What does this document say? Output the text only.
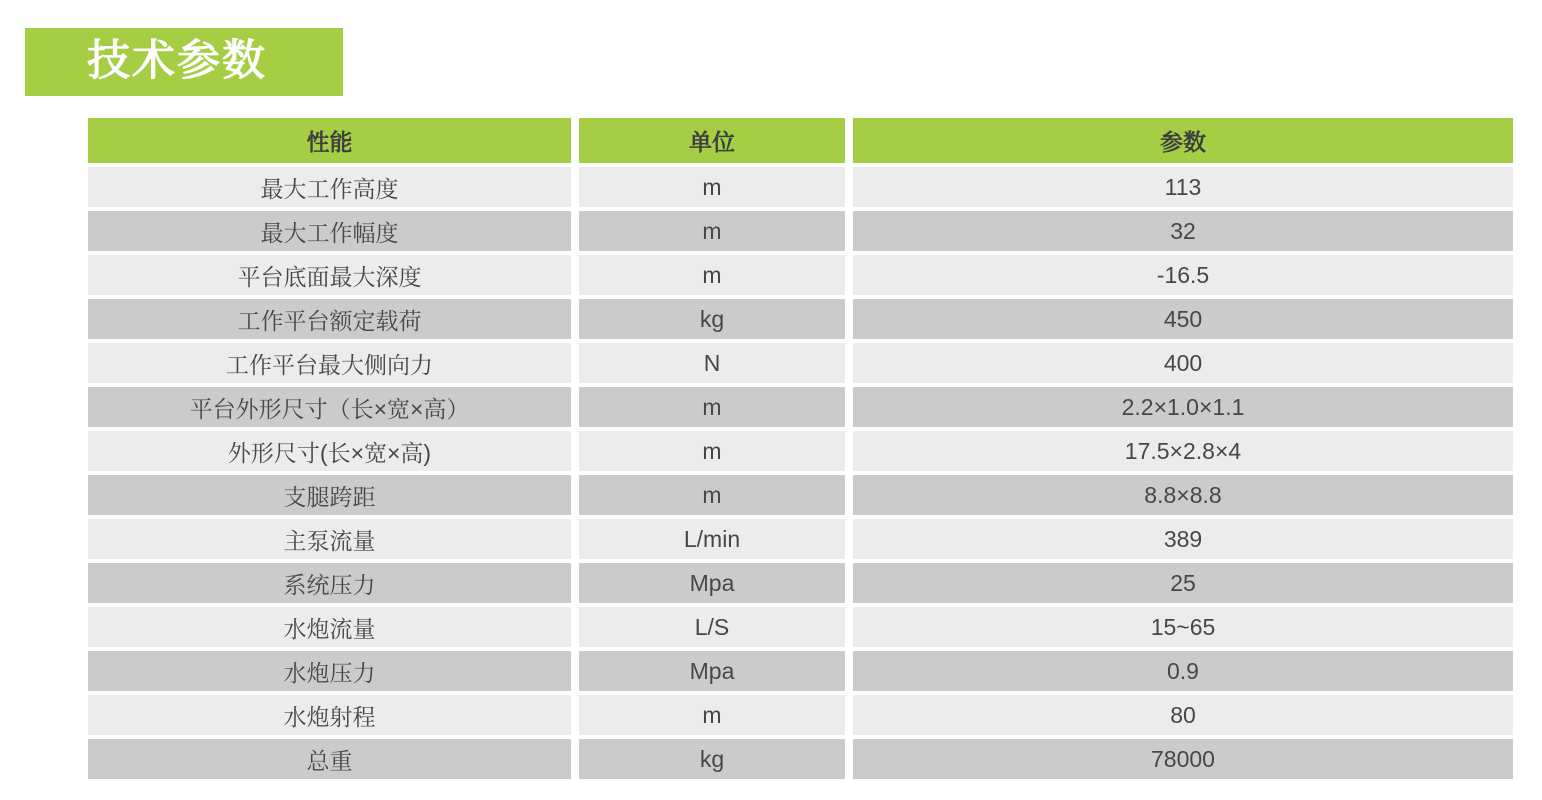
技术参数
性能	单位	参数
最大工作高度	m	113
最大工作幅度	m	32
平台底面最大深度	m	-16.5
工作平台额定载荷	kg	450
工作平台最大侧向力	N	400
平台外形尺寸（长×宽×高）	m	2.2×1.0×1.1
外形尺寸(长×宽×高)	m	17.5×2.8×4
支腿跨距	m	8.8×8.8
主泵流量	L/min	389
系统压力	Mpa	25
水炮流量	L/S	15~65
水炮压力	Mpa	0.9
水炮射程	m	80
总重	kg	78000
